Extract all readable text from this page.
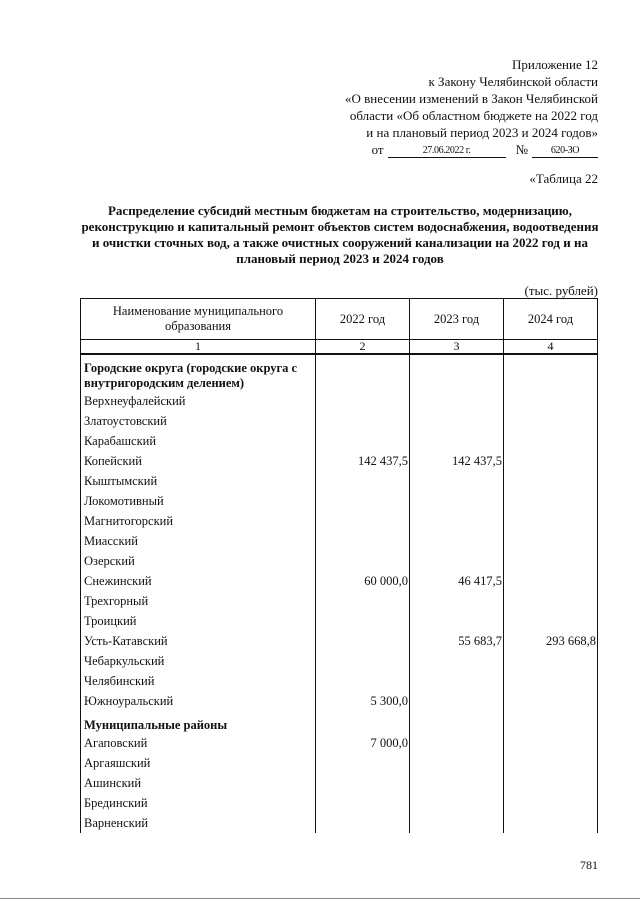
Приложение 12
к Закону Челябинской области
«О внесении изменений в Закон Челябинской
области «Об областном бюджете на 2022 год
и на плановый период 2023 и 2024 годов»
от	27.06.2022 г.	№	620-ЗО
«Таблица 22
Распределение субсидий местным бюджетам на строительство, модернизацию, реконструкцию и капитальный ремонт объектов систем водоснабжения, водоотведения и очистки сточных вод, а также очистных сооружений канализации на 2022 год и на плановый период 2023 и 2024 годов
(тыс. рублей)
Наименование муниципального образования	2022 год	2023 год	2024 год
1	2	3	4
Городские округа (городские округа с внутригородским делением)			
Верхнеуфалейский			
Златоустовский			
Карабашский			
Копейский	142 437,5	142 437,5	
Кыштымский			
Локомотивный			
Магнитогорский			
Миасский			
Озерский			
Снежинский	60 000,0	46 417,5	
Трехгорный			
Троицкий			
Усть-Катавский		55 683,7	293 668,8
Чебаркульский			
Челябинский			
Южноуральский	5 300,0		
Муниципальные районы			
Агаповский	7 000,0		
Аргаяшский			
Ашинский			
Брединский			
Варненский			
781
